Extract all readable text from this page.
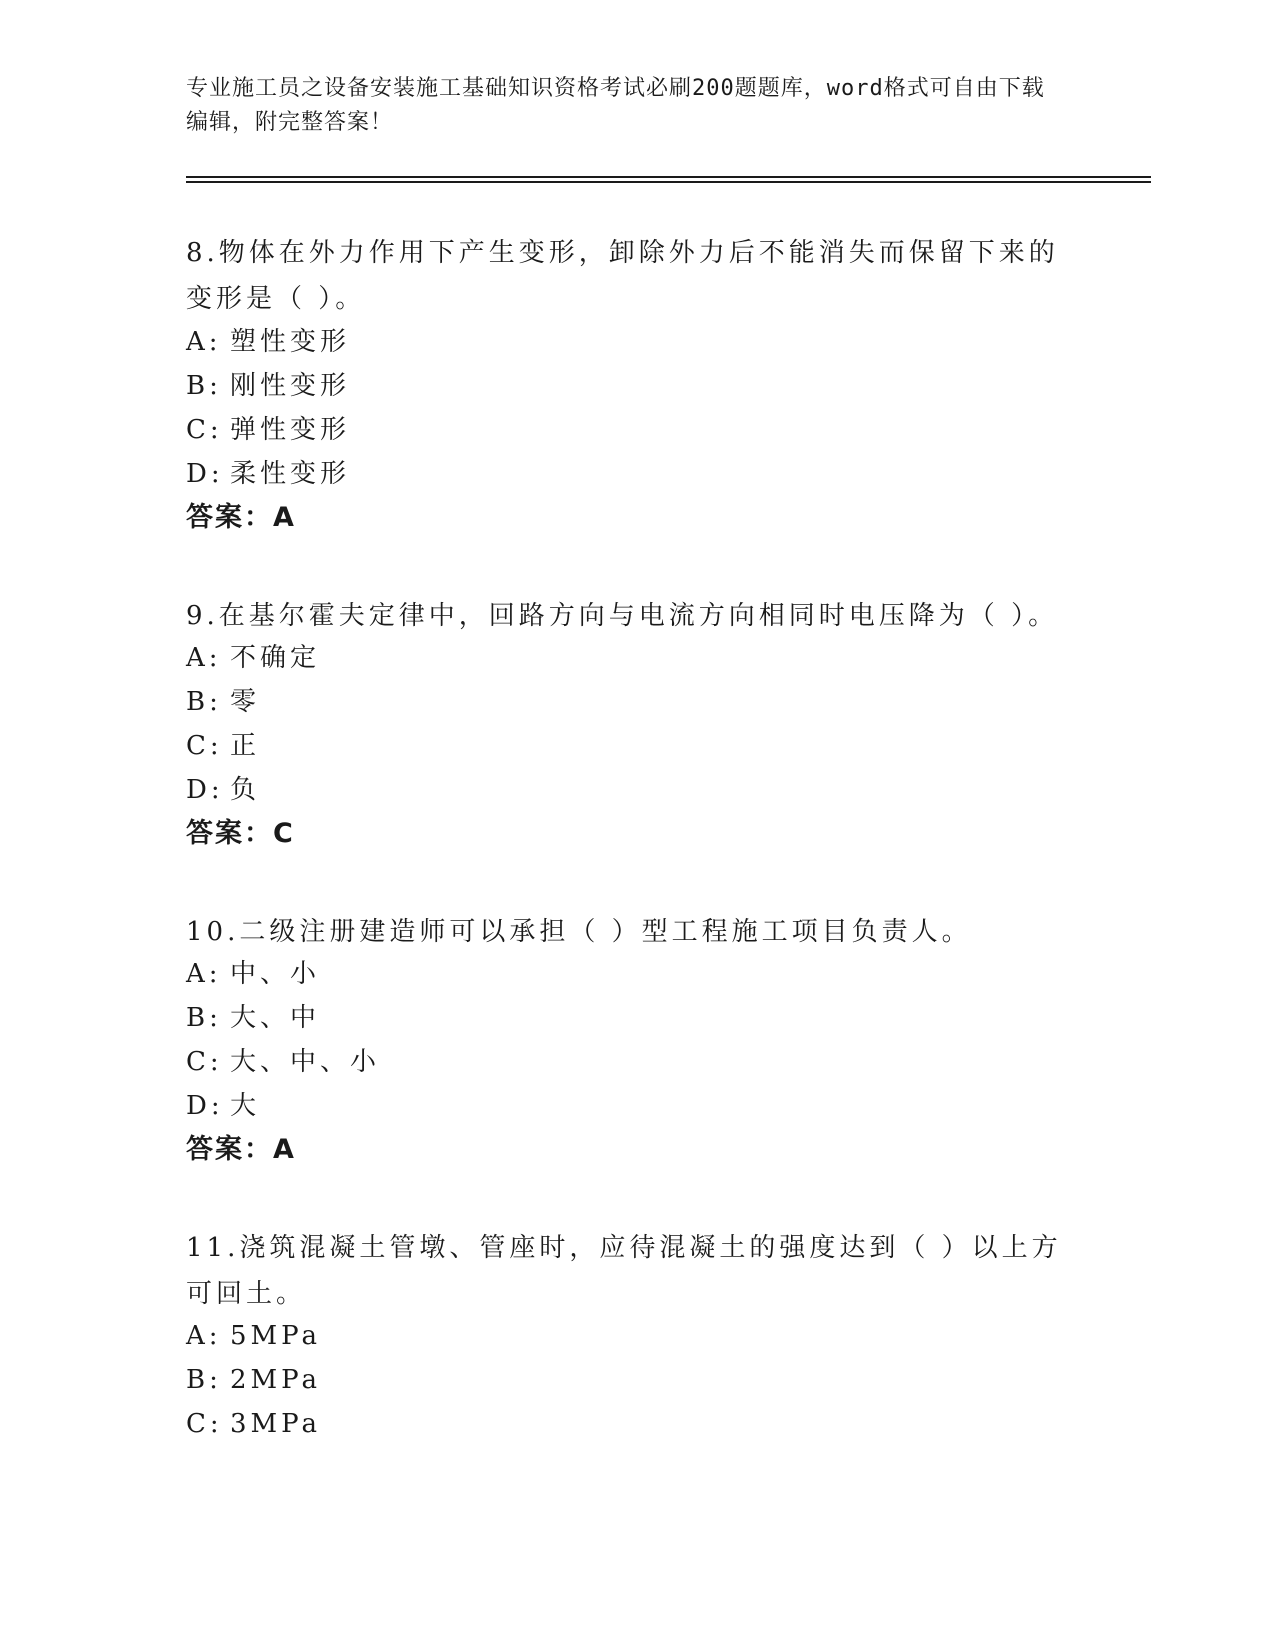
专业施工员之设备安装施工基础知识资格考试必刷200题题库，word格式可自由下载编辑，附完整答案！
8.物体在外力作用下产生变形，卸除外力后不能消失而保留下来的变形是（ ）。
A: 塑性变形
B: 刚性变形
C: 弹性变形
D: 柔性变形
答案：A
9.在基尔霍夫定律中，回路方向与电流方向相同时电压降为（ ）。
A: 不确定
B: 零
C: 正
D: 负
答案：C
10.二级注册建造师可以承担（ ）型工程施工项目负责人。
A: 中、小
B: 大、中
C: 大、中、小
D: 大
答案：A
11.浇筑混凝土管墩、管座时，应待混凝土的强度达到（ ）以上方可回土。
A: 5MPa
B: 2MPa
C: 3MPa
